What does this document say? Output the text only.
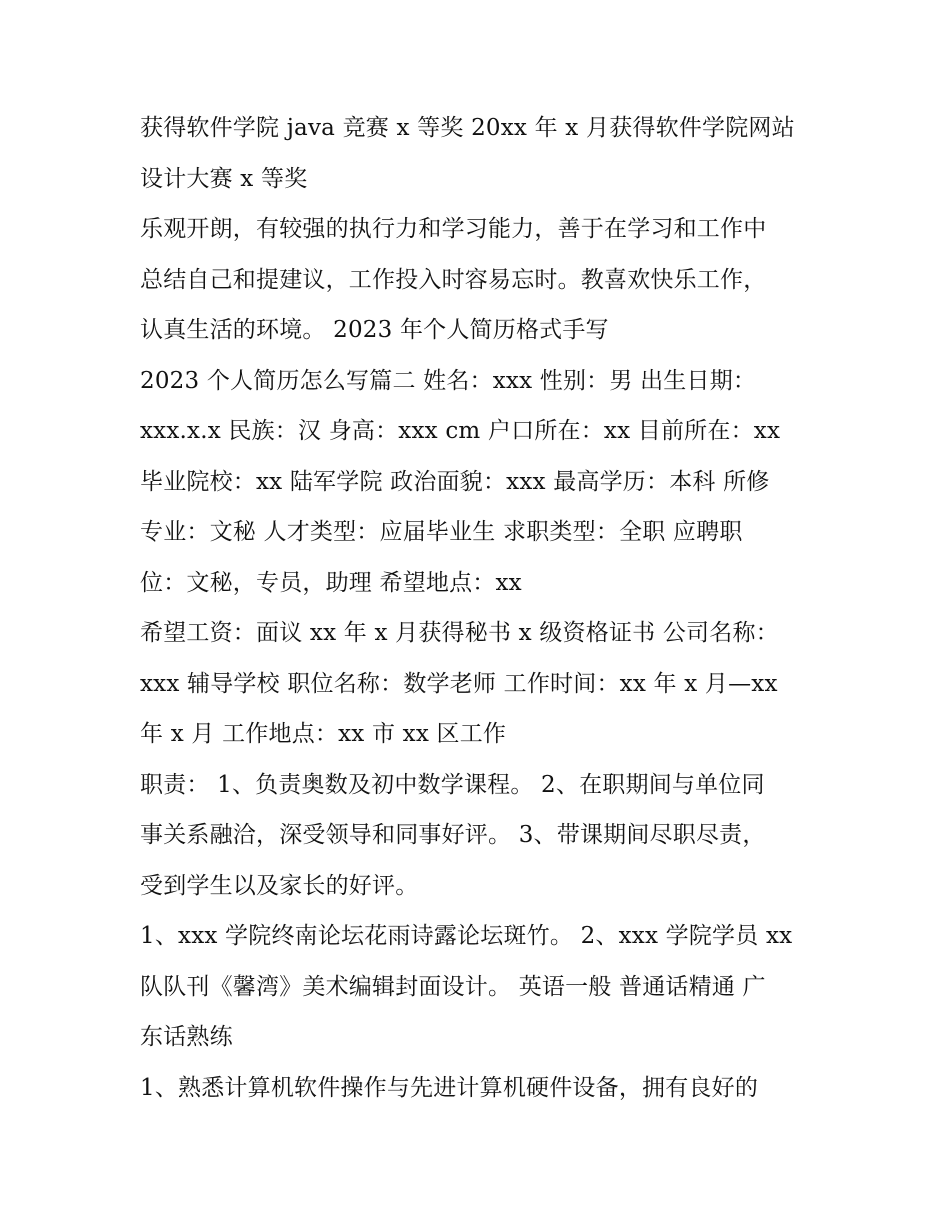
获得软件学院 java 竞赛 x 等奖 20xx 年 x 月获得软件学院网站
设计大赛 x 等奖
乐观开朗，有较强的执行力和学习能力，善于在学习和工作中
总结自己和提建议，工作投入时容易忘时。教喜欢快乐工作，
认真生活的环境。 2023 年个人简历格式手写
2023 个人简历怎么写篇二 姓名：xxx 性别：男 出生日期：
xxx.x.x 民族：汉 身高：xxx cm 户口所在：xx 目前所在：xx
毕业院校：xx 陆军学院 政治面貌：xxx 最高学历：本科 所修
专业：文秘 人才类型：应届毕业生 求职类型：全职 应聘职
位：文秘，专员，助理 希望地点：xx
希望工资：面议 xx 年 x 月获得秘书 x 级资格证书 公司名称：
xxx 辅导学校 职位名称：数学老师 工作时间：xx 年 x 月—xx
年 x 月 工作地点：xx 市 xx 区工作
职责： 1、负责奥数及初中数学课程。 2、在职期间与单位同
事关系融洽，深受领导和同事好评。 3、带课期间尽职尽责，
受到学生以及家长的好评。
1、xxx 学院终南论坛花雨诗露论坛斑竹。 2、xxx 学院学员 xx
队队刊《馨湾》美术编辑封面设计。 英语一般 普通话精通 广
东话熟练
1、熟悉计算机软件操作与先进计算机硬件设备，拥有良好的
